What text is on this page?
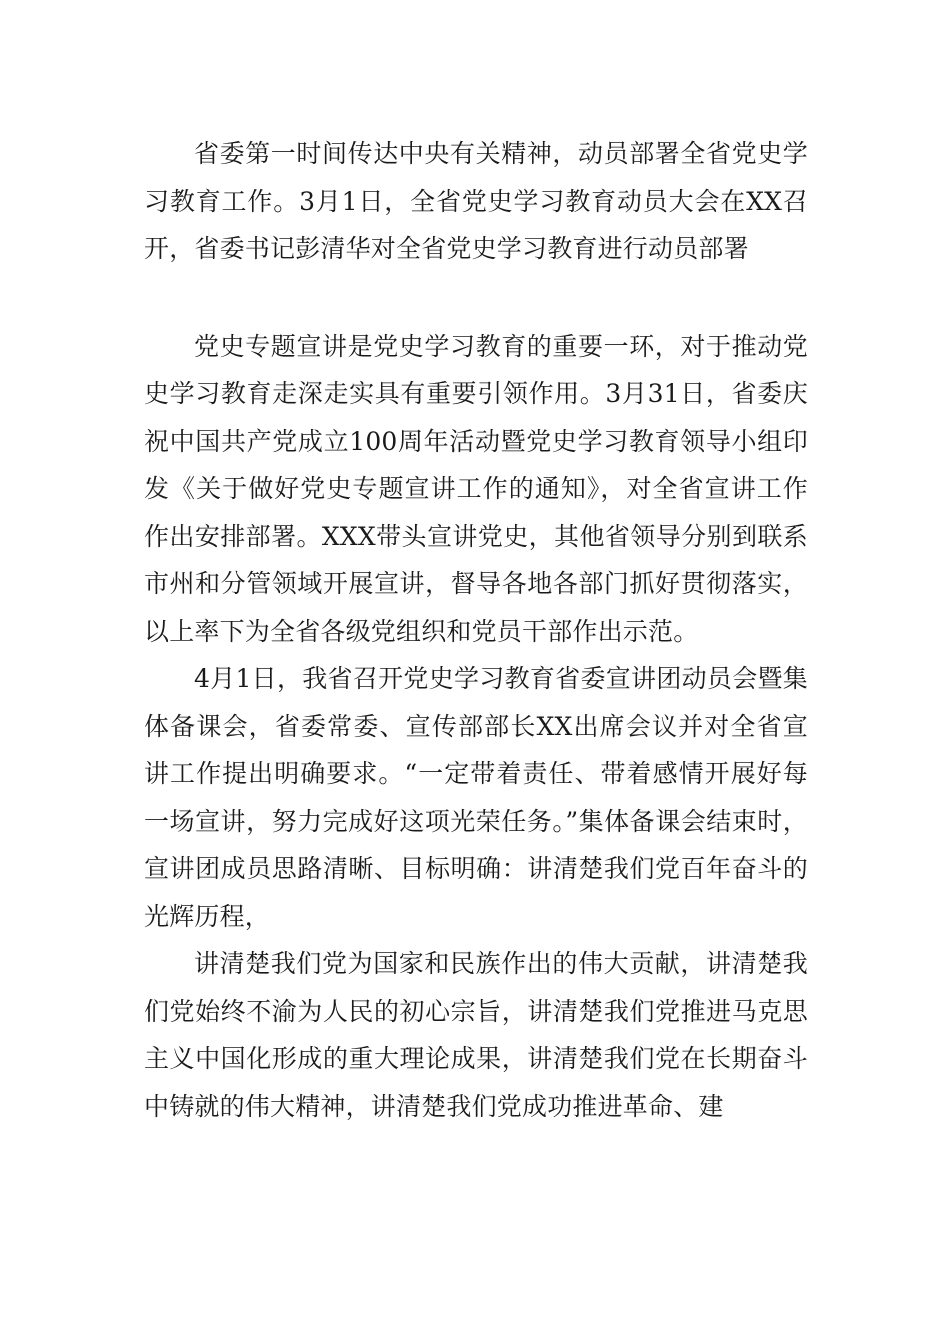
省委第一时间传达中央有关精神，动员部署全省党史学习教育工作。3月1日，全省党史学习教育动员大会在XX召开，省委书记彭清华对全省党史学习教育进行动员部署

党史专题宣讲是党史学习教育的重要一环，对于推动党史学习教育走深走实具有重要引领作用。3月31日，省委庆祝中国共产党成立100周年活动暨党史学习教育领导小组印发《关于做好党史专题宣讲工作的通知》，对全省宣讲工作作出安排部署。XXX带头宣讲党史，其他省领导分别到联系市州和分管领域开展宣讲，督导各地各部门抓好贯彻落实，以上率下为全省各级党组织和党员干部作出示范。

4月1日，我省召开党史学习教育省委宣讲团动员会暨集体备课会，省委常委、宣传部部长XX出席会议并对全省宣讲工作提出明确要求。“一定带着责任、带着感情开展好每一场宣讲，努力完成好这项光荣任务。”集体备课会结束时，宣讲团成员思路清晰、目标明确：讲清楚我们党百年奋斗的光辉历程，

讲清楚我们党为国家和民族作出的伟大贡献，讲清楚我们党始终不渝为人民的初心宗旨，讲清楚我们党推进马克思主义中国化形成的重大理论成果，讲清楚我们党在长期奋斗中铸就的伟大精神，讲清楚我们党成功推进革命、建
